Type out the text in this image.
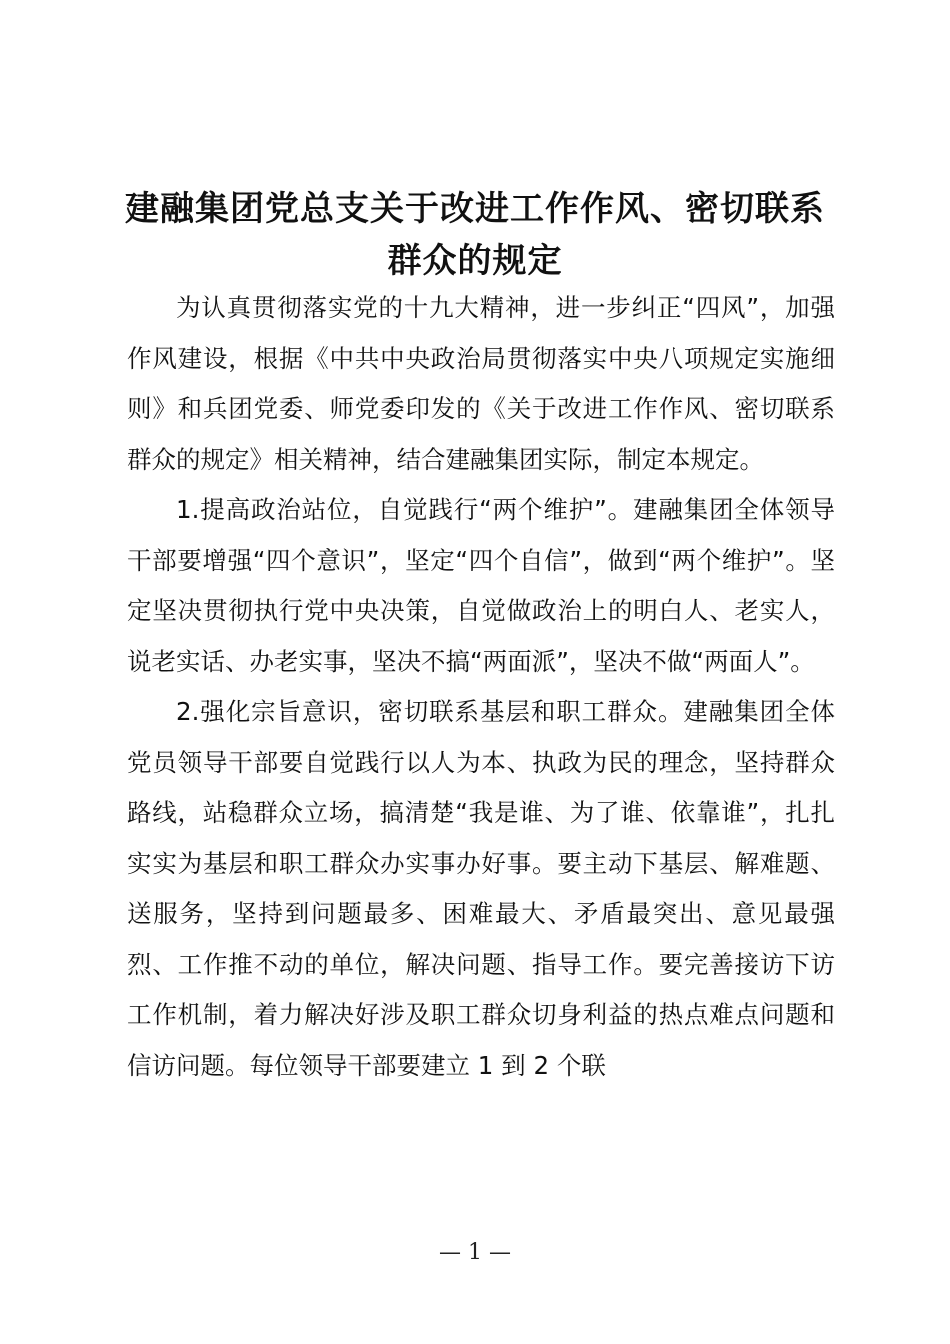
建融集团党总支关于改进工作作风、密切联系
群众的规定

为认真贯彻落实党的十九大精神，进一步纠正“四风”，加强作风建设，根据《中共中央政治局贯彻落实中央八项规定实施细则》和兵团党委、师党委印发的《关于改进工作作风、密切联系群众的规定》相关精神，结合建融集团实际，制定本规定。

1.提高政治站位，自觉践行“两个维护”。建融集团全体领导干部要增强“四个意识”，坚定“四个自信”，做到“两个维护”。坚定坚决贯彻执行党中央决策，自觉做政治上的明白人、老实人，说老实话、办老实事，坚决不搞“两面派”，坚决不做“两面人”。

2.强化宗旨意识，密切联系基层和职工群众。建融集团全体党员领导干部要自觉践行以人为本、执政为民的理念，坚持群众路线，站稳群众立场，搞清楚“我是谁、为了谁、依靠谁”，扎扎实实为基层和职工群众办实事办好事。要主动下基层、解难题、送服务，坚持到问题最多、困难最大、矛盾最突出、意见最强烈、工作推不动的单位，解决问题、指导工作。要完善接访下访工作机制，着力解决好涉及职工群众切身利益的热点难点问题和信访问题。每位领导干部要建立 1 到 2 个联

— 1 —
